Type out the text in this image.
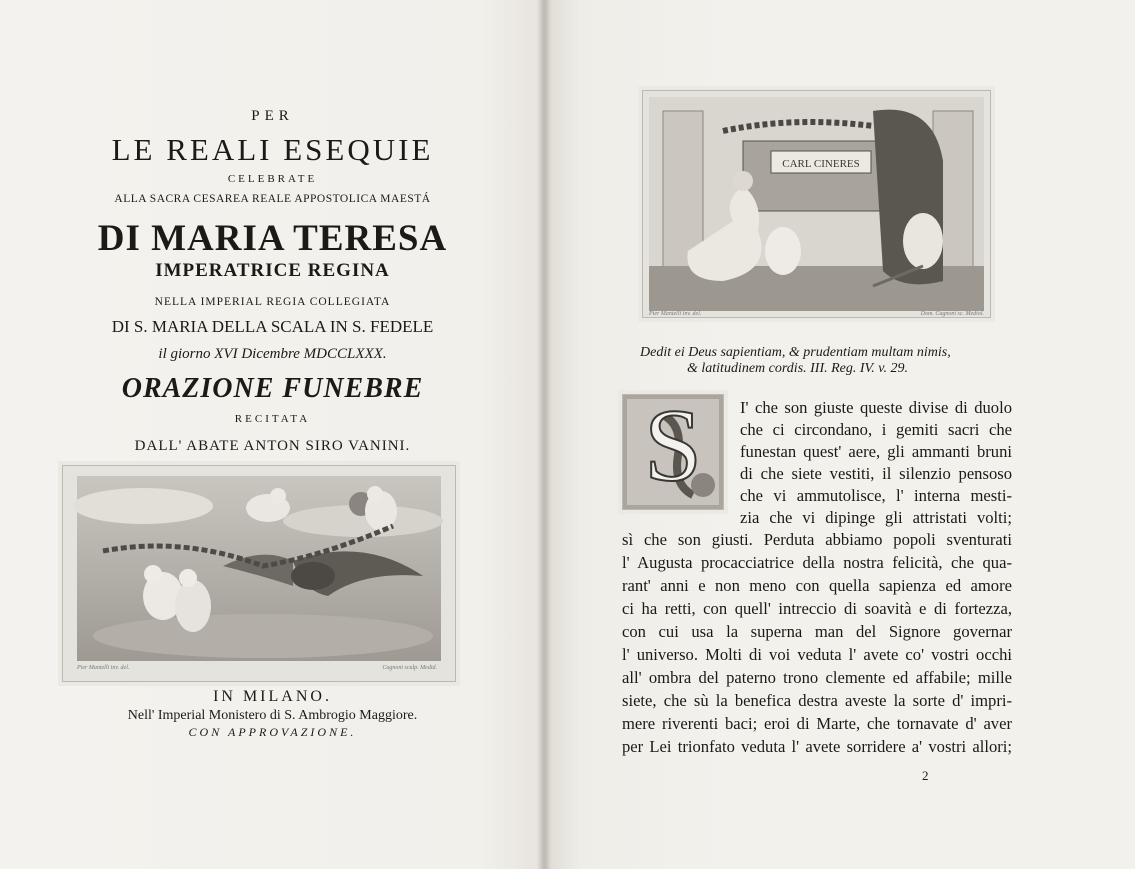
PER
LE REALI ESEQUIE
CELEBRATE
ALLA SACRA CESAREA REALE APPOSTOLICA MAESTÁ
DI MARIA TERESA
IMPERATRICE REGINA
NELLA IMPERIAL REGIA COLLEGIATA
DI S. MARIA DELLA SCALA IN S. FEDELE
il giorno XVI Dicembre MDCCLXXX.
ORAZIONE FUNEBRE
RECITATA
DALL' ABATE ANTON SIRO VANINI.
Pier Mantelli inv. del.	Cagnoni sculp. Medid.
IN MILANO.
Nell' Imperial Monistero di S. Ambrogio Maggiore.
CON APPROVAZIONE.
CARL CINERES
Pier Mantelli inv. del.	Dom. Cagnoni sc. Mediol.
Dedit ei Deus sapientiam, & prudentiam multam nimis,
& latitudinem cordis. III. Reg. IV. v. 29.
S	I' che son giuste queste divise di duolo
che ci circondano, i gemiti sacri che
funestan quest' aere, gli ammanti bruni
di che siete vestiti, il silenzio pensoso
che vi ammutolisce, l' interna mesti-
zia che vi dipinge gli attristati volti;
sì che son giusti. Perduta abbiamo popoli sventurati
l' Augusta procacciatrice della nostra felicità, che qua-
rant' anni e non meno con quella sapienza ed amore
ci ha retti, con quell' intreccio di soavità e di fortezza,
con cui usa la superna man del Signore governar
l' universo. Molti di voi veduta l' avete co' vostri occhi
all' ombra del paterno trono clemente ed affabile; mille
siete, che sù la benefica destra aveste la sorte d' impri-
mere riverenti baci; eroi di Marte, che tornavate d' aver
per Lei trionfato veduta l' avete sorridere a' vostri allori;
2
